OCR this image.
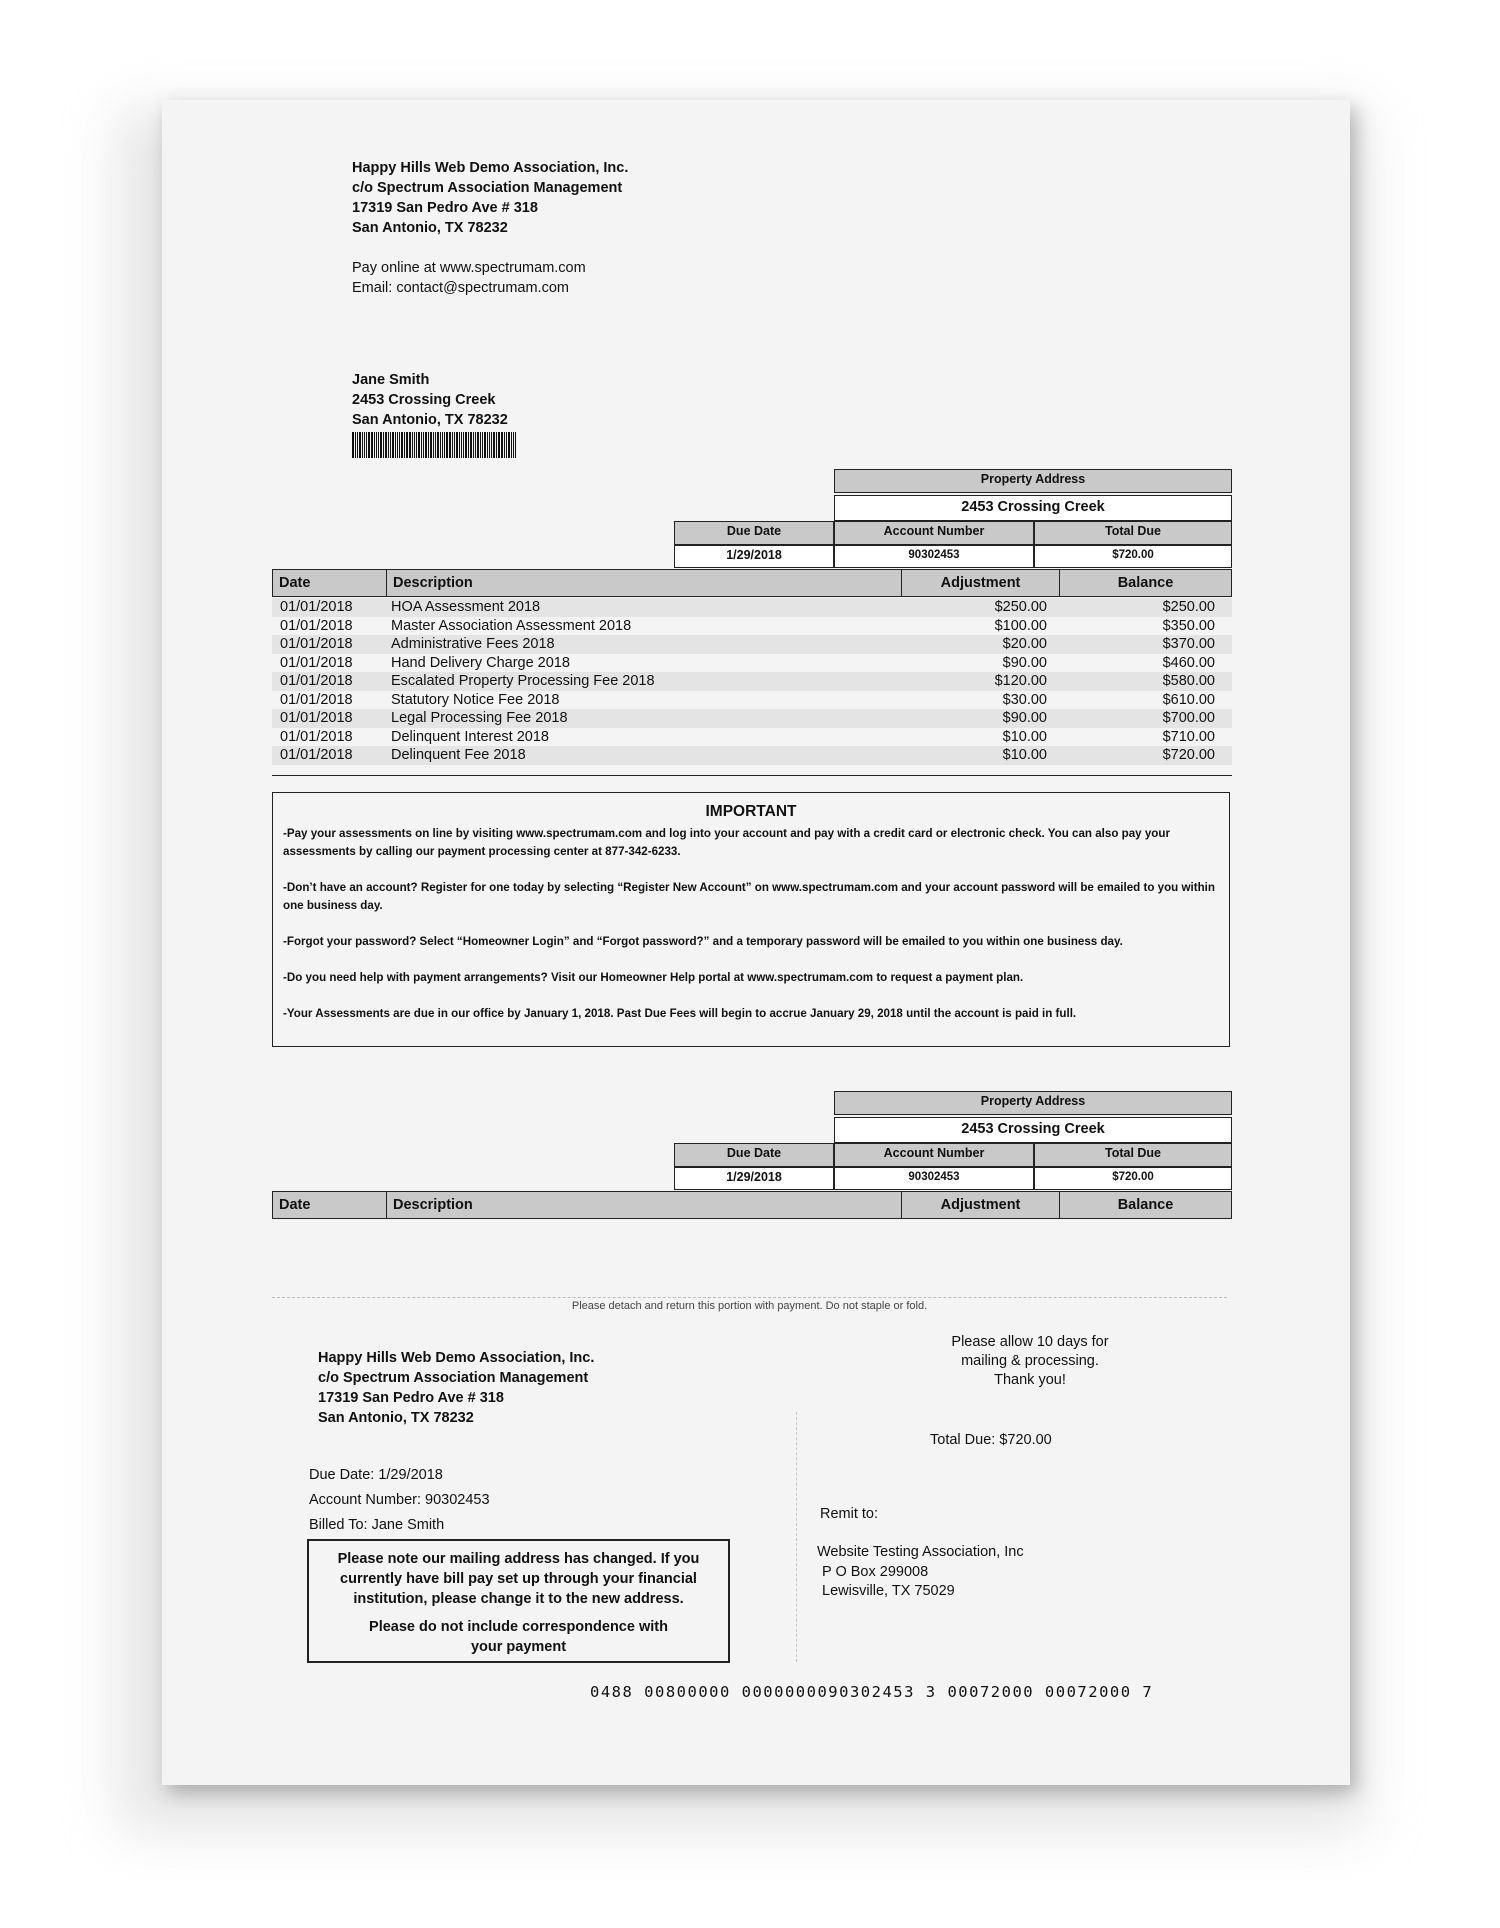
Happy Hills Web Demo Association, Inc.
c/o Spectrum Association Management
17319 San Pedro Ave # 318
San Antonio, TX 78232
Pay online at www.spectrumam.com
Email: contact@spectrumam.com
Jane Smith
2453 Crossing Creek
San Antonio, TX 78232
Property Address
2453 Crossing Creek
Due Date	Account Number	Total Due
1/29/2018	90302453	$720.00
Date	Description	Adjustment	Balance
01/01/2018	HOA Assessment 2018	$250.00	$250.00
01/01/2018	Master Association Assessment 2018	$100.00	$350.00
01/01/2018	Administrative Fees 2018	$20.00	$370.00
01/01/2018	Hand Delivery Charge 2018	$90.00	$460.00
01/01/2018	Escalated Property Processing Fee 2018	$120.00	$580.00
01/01/2018	Statutory Notice Fee 2018	$30.00	$610.00
01/01/2018	Legal Processing Fee 2018	$90.00	$700.00
01/01/2018	Delinquent Interest 2018	$10.00	$710.00
01/01/2018	Delinquent Fee 2018	$10.00	$720.00
IMPORTANT

-Pay your assessments on line by visiting www.spectrumam.com and log into your account and pay with a credit card or electronic check. You can also pay your assessments by calling our payment processing center at 877-342-6233.

-Don’t have an account? Register for one today by selecting “Register New Account” on www.spectrumam.com and your account password will be emailed to you within one business day.

-Forgot your password? Select “Homeowner Login” and “Forgot password?” and a temporary password will be emailed to you within one business day.

-Do you need help with payment arrangements? Visit our Homeowner Help portal at www.spectrumam.com to request a payment plan.

-Your Assessments are due in our office by January 1, 2018. Past Due Fees will begin to accrue January 29, 2018 until the account is paid in full.

Property Address
2453 Crossing Creek
Due Date	Account Number	Total Due
1/29/2018	90302453	$720.00
Date	Description	Adjustment	Balance
Please detach and return this portion with payment. Do not staple or fold.
Happy Hills Web Demo Association, Inc.
c/o Spectrum Association Management
17319 San Pedro Ave # 318
San Antonio, TX 78232
Please allow 10 days for
mailing & processing.
Thank you!
Total Due: $720.00
Due Date: 1/29/2018
Account Number: 90302453
Billed To: Jane Smith
Remit to:
Website Testing Association, Inc
P O Box 299008
Lewisville, TX 75029
Please note our mailing address has changed. If you currently have bill pay set up through your financial institution, please change it to the new address.
Please do not include correspondence with your payment
0488 00800000 0000000090302453 3 00072000 00072000 7
